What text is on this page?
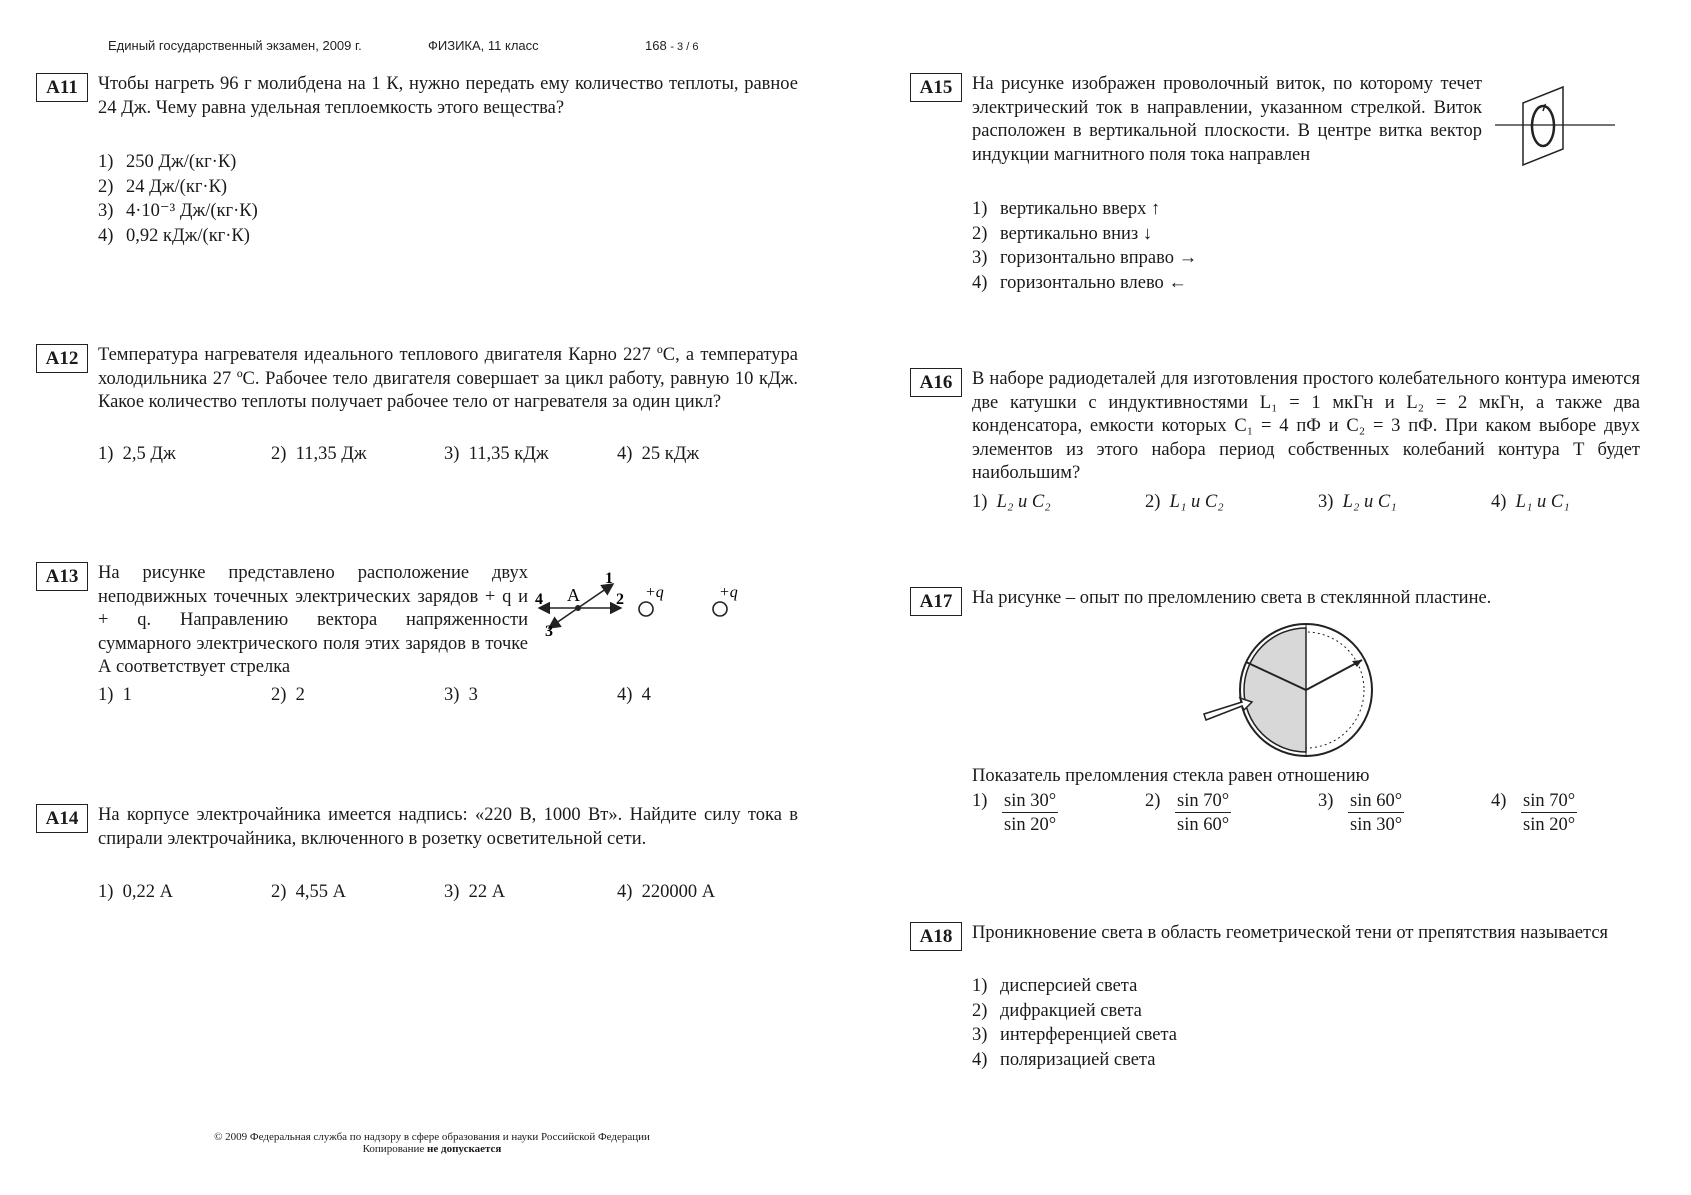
Единый государственный экзамен, 2009 г.	ФИЗИКА, 11 класс	168 - 3 / 6
A11	Чтобы нагреть 96 г молибдена на 1 К, нужно передать ему количество теплоты, равное 24 Дж. Чему равна удельная теплоемкость этого вещества?
1) 250 Дж/(кг·К)
2) 24 Дж/(кг·К)
3) 4·10⁻³ Дж/(кг·К)
4) 0,92 кДж/(кг·К)
A12	Температура нагревателя идеального теплового двигателя Карно 227 ºС, а температура холодильника 27 ºС. Рабочее тело двигателя совершает за цикл работу, равную 10 кДж. Какое количество теплоты получает рабочее тело от нагревателя за один цикл?
1)  2,5 Дж	2)  11,35 Дж	3)  11,35 кДж	4)  25 кДж
A13	На рисунке представлено расположение двух неподвижных точечных электрических зарядов + q и + q. Направлению вектора напряженности суммарного электрического поля этих зарядов в точке А соответствует стрелка
A
1
2
3
4	+q	+q
1)  1	2)  2	3)  3	4)  4
A14	На корпусе электрочайника имеется надпись: «220 В, 1000 Вт». Найдите силу тока в спирали электрочайника, включенного в розетку осветительной сети.
1)  0,22 А	2)  4,55 А	3)  22 А	4)  220000 А
A15	На рисунке изображен проволочный виток, по которому течет электрический ток в направлении, указанном стрелкой. Виток расположен в вертикальной плоскости. В центре витка вектор индукции магнитного поля тока направлен
1) вертикально вверх ↑
2) вертикально вниз ↓
3) горизонтально вправо →
4) горизонтально влево ←
A16	В наборе радиодеталей для изготовления простого колебательного контура имеются две катушки с индуктивностями L₁ = 1 мкГн и L₂ = 2 мкГн, а также два конденсатора, емкости которых C₁ = 4 пФ и C₂ = 3 пФ. При каком выборе двух элементов из этого набора период собственных колебаний контура T будет наибольшим?
1)  L₂ и C₂	2)  L₁ и C₂	3)  L₂ и C₁	4)  L₁ и C₁
A17	На рисунке – опыт по преломлению света в стеклянной пластине.
Показатель преломления стекла равен отношению
1) sin 30°
sin 20°
2) sin 70°
sin 60°
3) sin 60°
sin 30°
4) sin 70°
sin 20°
A18	Проникновение света в область геометрической тени от препятствия называется
1) дисперсией света
2) дифракцией света
3) интерференцией света
4) поляризацией света
© 2009 Федеральная служба по надзору в сфере образования и науки Российской Федерации
Копирование не допускается
